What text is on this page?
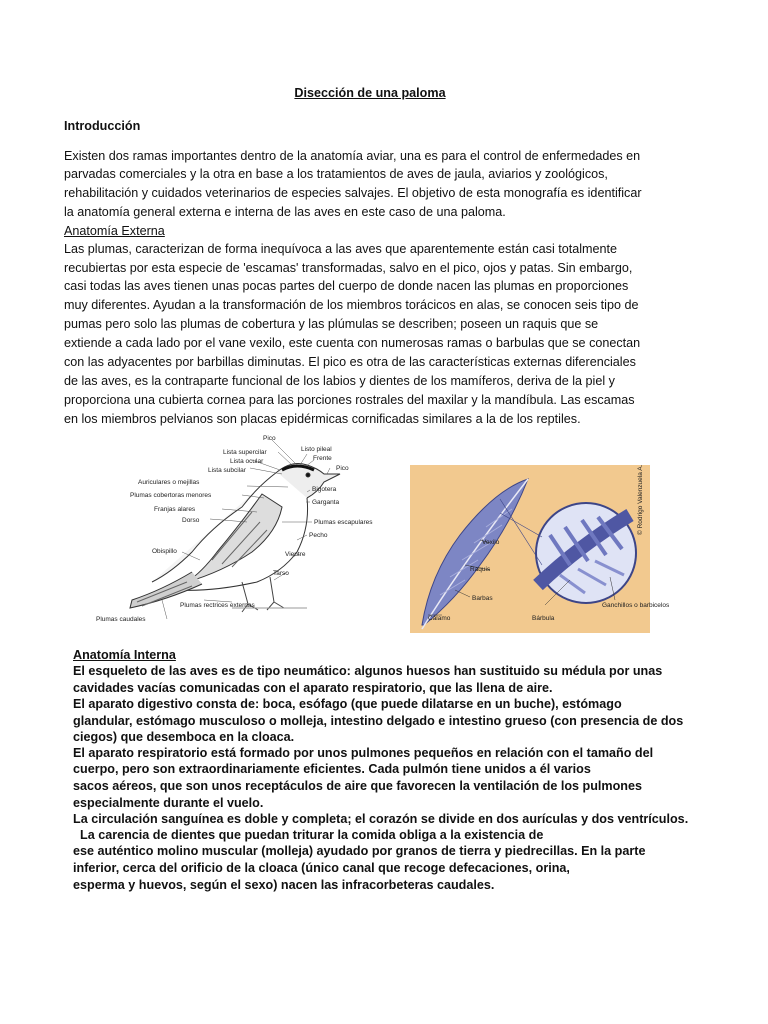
Disección de una paloma
Introducción
Existen dos ramas importantes dentro de la anatomía aviar, una es para el control de enfermedades en
parvadas comerciales y la otra en base a los tratamientos de aves de jaula, aviarios y zoológicos,
rehabilitación y cuidados veterinarios de especies salvajes. El objetivo de esta monografía es identificar
la anatomía general externa e interna de las aves en este caso de una paloma.
Anatomía Externa
Las plumas, caracterizan de forma inequívoca a las aves que aparentemente están casi totalmente
recubiertas por esta especie de 'escamas' transformadas, salvo en el pico, ojos y patas. Sin embargo,
casi todas las aves tienen unas pocas partes del cuerpo de donde nacen las plumas en proporciones
muy diferentes. Ayudan a la transformación de los miembros torácicos en alas, se conocen seis tipo de
pumas pero solo las plumas de cobertura y las plúmulas se describen; poseen un raquis que se
extiende a cada lado por el vane vexilo, este cuenta con numerosas ramas o barbulas que se conectan
con las adyacentes por barbillas diminutas. El pico es otra de las características externas diferenciales
de las aves, es la contraparte funcional de los labios y dientes de los mamíferos, deriva de la piel y
proporciona una cubierta cornea para las porciones rostrales del maxilar y la mandíbula. Las escamas
en los miembros pelvianos son placas epidérmicas cornificadas similares a la de los reptiles.
Pico
Lista supercilar	Listo pileal
Lista ocular	Frente
Lista subcilar	Pico
Auriculares o mejillas
Bigotera
Plumas cobertoras menores
Garganta
Franjas alares
Dorso	Plumas escapulares
Pecho
Obispillo	Vientre
Tarso
Plumas rectrices externas
Plumas caudales
Vexilo
Raquis
Barbas
Cálamo	Bárbula
Ganchillos o barbicelos
© Rodrigo Valenzuela A.
Anatomía Interna
El esqueleto de las aves es de tipo neumático: algunos huesos han sustituido su médula por unas
cavidades vacías comunicadas con el aparato respiratorio, que las llena de aire.
El aparato digestivo consta de: boca, esófago (que puede dilatarse en un buche), estómago
glandular, estómago musculoso o molleja, intestino delgado e intestino grueso (con presencia de dos
ciegos) que desemboca en la cloaca.
El aparato respiratorio está formado por unos pulmones pequeños en relación con el tamaño del
cuerpo, pero son extraordinariamente eficientes. Cada pulmón tiene unidos a él varios
sacos aéreos, que son unos receptáculos de aire que favorecen la ventilación de los pulmones
especialmente durante el vuelo.
La circulación sanguínea es doble y completa; el corazón se divide en dos aurículas y dos ventrículos.
La carencia de dientes que puedan triturar la comida obliga a la existencia de
ese auténtico molino muscular (molleja) ayudado por granos de tierra y piedrecillas. En la parte
inferior, cerca del orificio de la cloaca (único canal que recoge defecaciones, orina,
esperma y huevos, según el sexo) nacen las infracorbeteras caudales.
